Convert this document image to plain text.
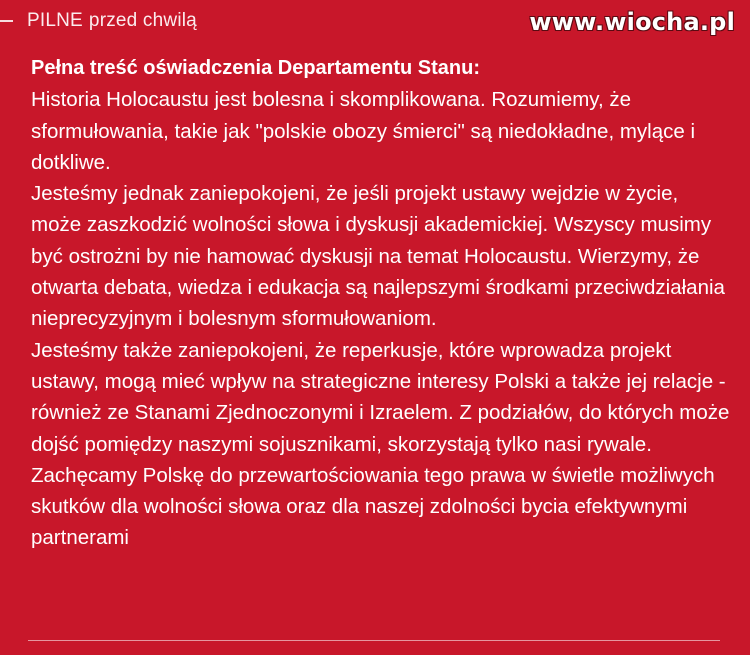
PILNE przed chwilą	www.wiocha.pl

Pełna treść oświadczenia Departamentu Stanu:

Historia Holocaustu jest bolesna i skomplikowana. Rozumiemy, że sformułowania, takie jak "polskie obozy śmierci" są niedokładne, mylące i dotkliwe.

Jesteśmy jednak zaniepokojeni, że jeśli projekt ustawy wejdzie w życie, może zaszkodzić wolności słowa i dyskusji akademickiej. Wszyscy musimy być ostrożni by nie hamować dyskusji na temat Holocaustu. Wierzymy, że otwarta debata, wiedza i edukacja są najlepszymi środkami przeciwdziałania nieprecyzyjnym i bolesnym sformułowaniom.

Jesteśmy także zaniepokojeni, że reperkusje, które wprowadza projekt ustawy, mogą mieć wpływ na strategiczne interesy Polski a także jej relacje - również ze Stanami Zjednoczonymi i Izraelem. Z podziałów, do których może dojść pomiędzy naszymi sojusznikami, skorzystają tylko nasi rywale.

Zachęcamy Polskę do przewartościowania tego prawa w świetle możliwych skutków dla wolności słowa oraz dla naszej zdolności bycia efektywnymi partnerami
